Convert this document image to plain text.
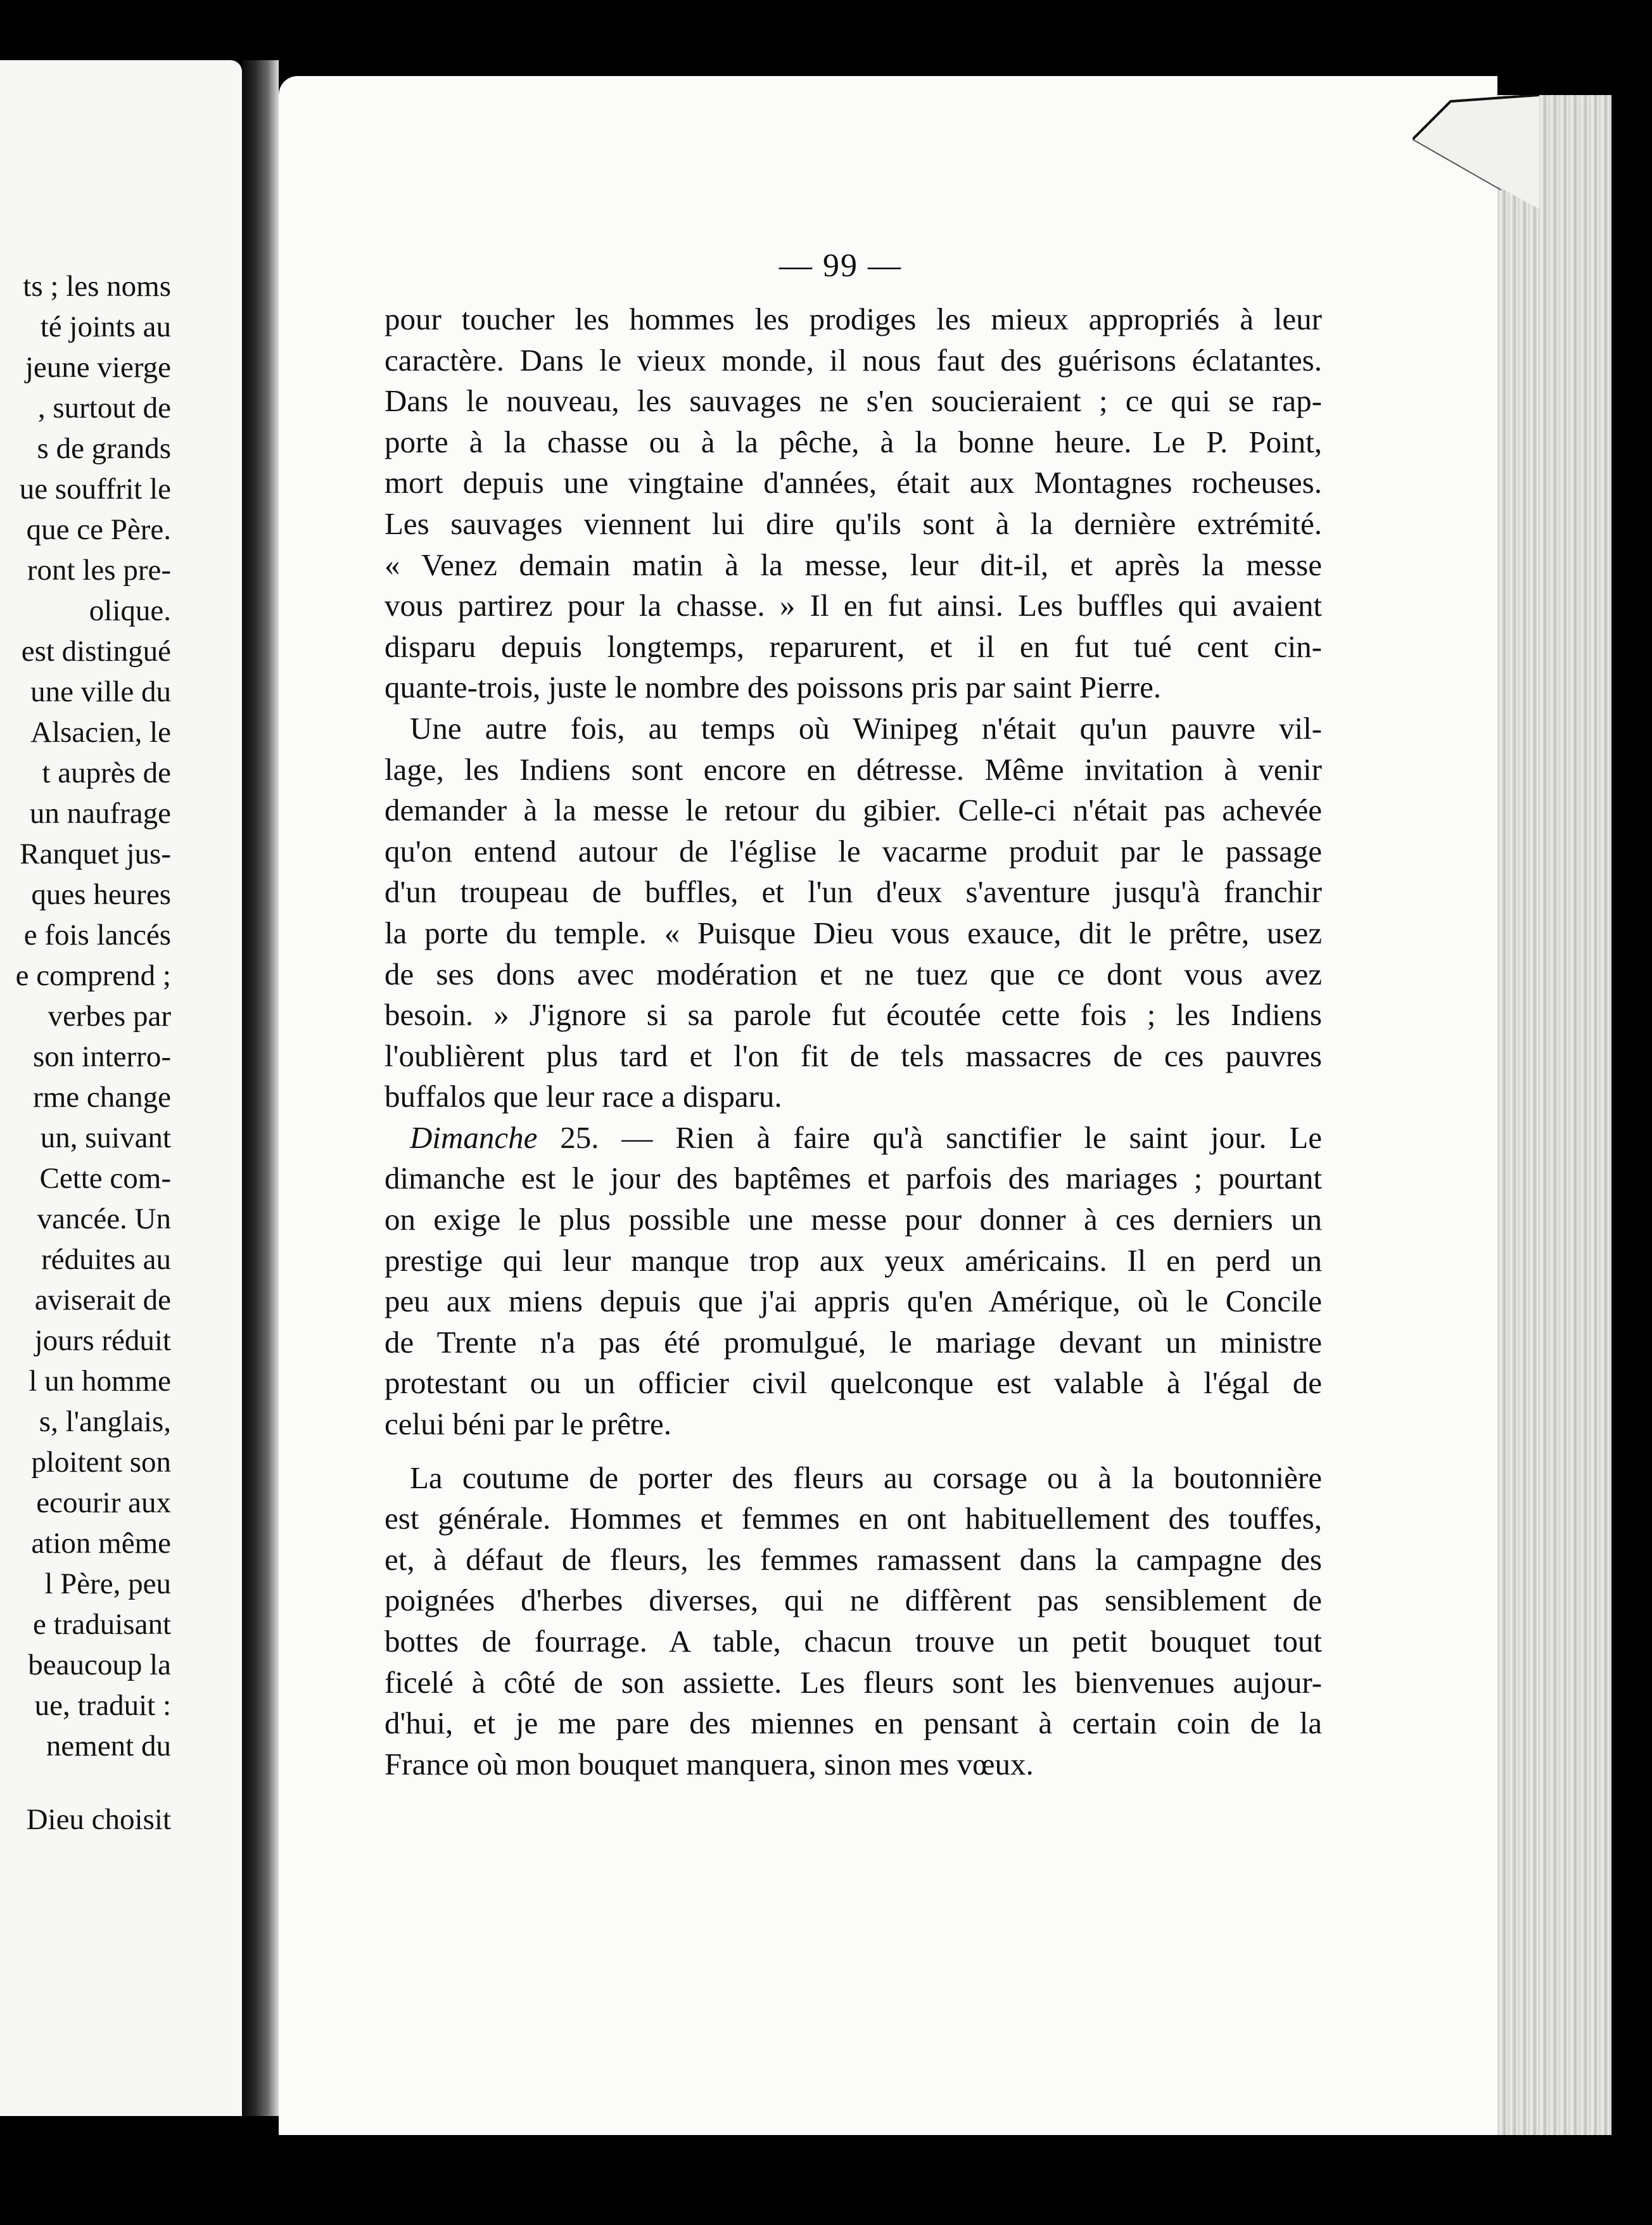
ts ; les noms
té joints au
jeune vierge
, surtout de
s de grands
ue souffrit le
que ce Père.
ront les pre-
olique.
est distingué
une ville du
Alsacien, le
t auprès de
un naufrage
Ranquet jus-
ques heures
e fois lancés
e comprend ;
verbes par
son interro-
rme change
un, suivant
Cette com-
vancée. Un
réduites au
aviserait de
jours réduit
l un homme
s, l'anglais,
ploitent son
ecourir aux
ation même
l Père, peu
e traduisant
beaucoup la
ue, traduit :
nement du
Dieu choisit
— 99 —
pour toucher les hommes les prodiges les mieux appropriés à leur
caractère. Dans le vieux monde, il nous faut des guérisons éclatantes.
Dans le nouveau, les sauvages ne s'en soucieraient ; ce qui se rap-
porte à la chasse ou à la pêche, à la bonne heure. Le P. Point,
mort depuis une vingtaine d'années, était aux Montagnes rocheuses.
Les sauvages viennent lui dire qu'ils sont à la dernière extrémité.
« Venez demain matin à la messe, leur dit-il, et après la messe
vous partirez pour la chasse. » Il en fut ainsi. Les buffles qui avaient
disparu depuis longtemps, reparurent, et il en fut tué cent cin-
quante-trois, juste le nombre des poissons pris par saint Pierre.
Une autre fois, au temps où Winipeg n'était qu'un pauvre vil-
lage, les Indiens sont encore en détresse. Même invitation à venir
demander à la messe le retour du gibier. Celle-ci n'était pas achevée
qu'on entend autour de l'église le vacarme produit par le passage
d'un troupeau de buffles, et l'un d'eux s'aventure jusqu'à franchir
la porte du temple. « Puisque Dieu vous exauce, dit le prêtre, usez
de ses dons avec modération et ne tuez que ce dont vous avez
besoin. » J'ignore si sa parole fut écoutée cette fois ; les Indiens
l'oublièrent plus tard et l'on fit de tels massacres de ces pauvres
buffalos que leur race a disparu.
Dimanche 25. — Rien à faire qu'à sanctifier le saint jour. Le
dimanche est le jour des baptêmes et parfois des mariages ; pourtant
on exige le plus possible une messe pour donner à ces derniers un
prestige qui leur manque trop aux yeux américains. Il en perd un
peu aux miens depuis que j'ai appris qu'en Amérique, où le Concile
de Trente n'a pas été promulgué, le mariage devant un ministre
protestant ou un officier civil quelconque est valable à l'égal de
celui béni par le prêtre.
La coutume de porter des fleurs au corsage ou à la boutonnière
est générale. Hommes et femmes en ont habituellement des touffes,
et, à défaut de fleurs, les femmes ramassent dans la campagne des
poignées d'herbes diverses, qui ne diffèrent pas sensiblement de
bottes de fourrage. A table, chacun trouve un petit bouquet tout
ficelé à côté de son assiette. Les fleurs sont les bienvenues aujour-
d'hui, et je me pare des miennes en pensant à certain coin de la
France où mon bouquet manquera, sinon mes vœux.
